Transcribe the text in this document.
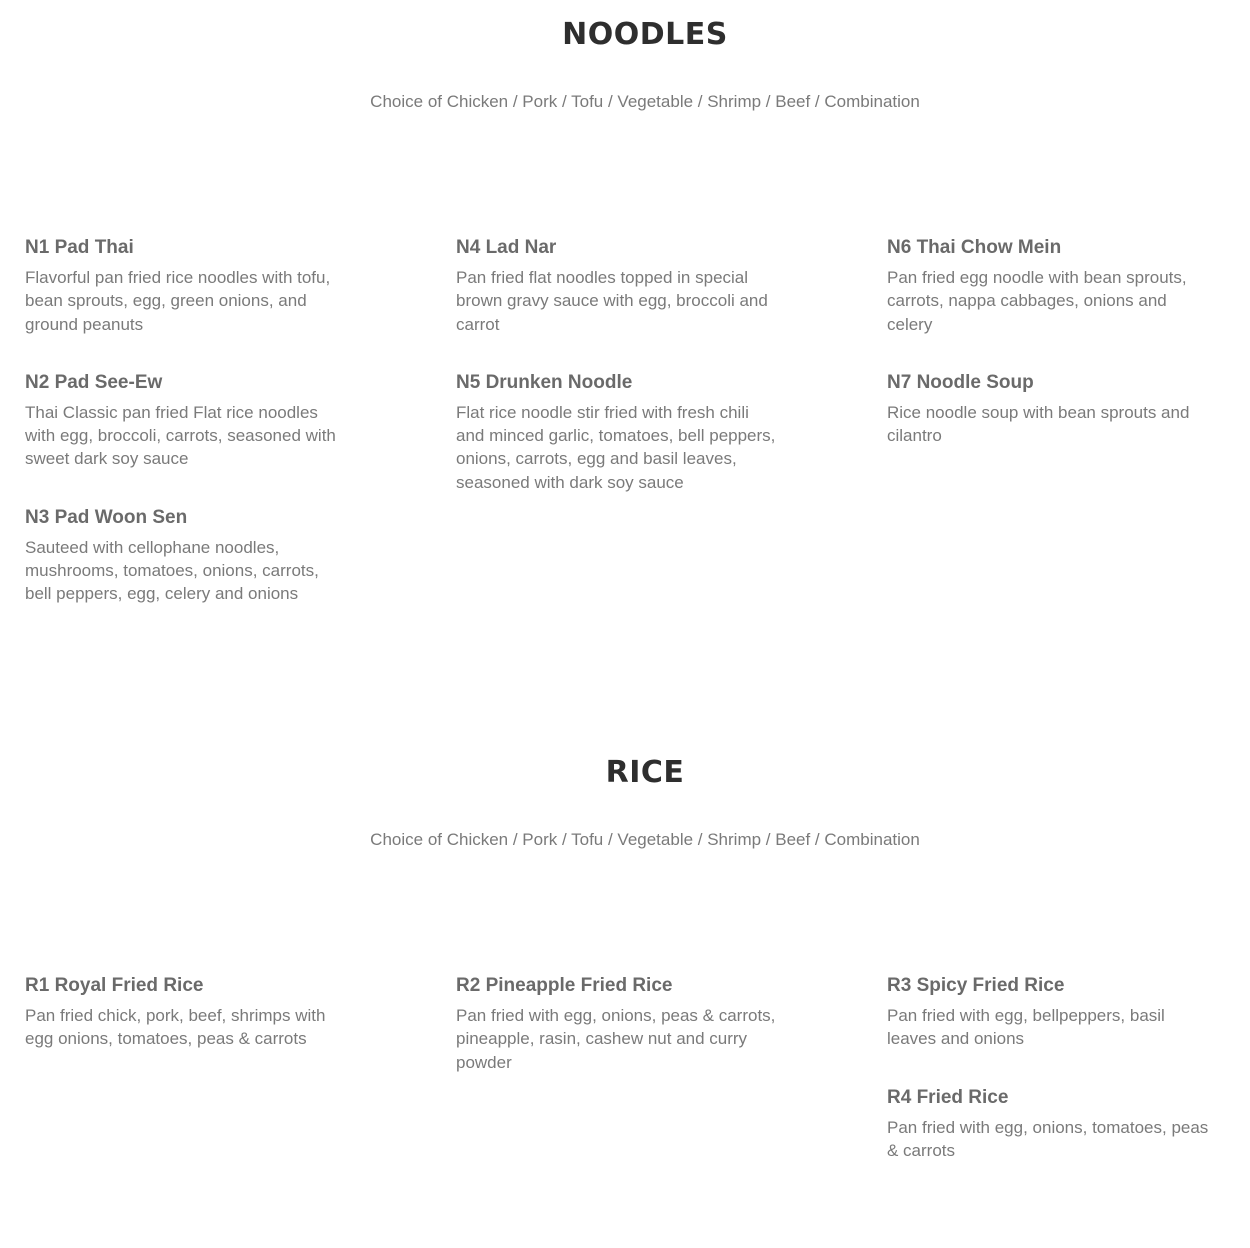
NOODLES

Choice of Chicken / Pork / Tofu / Vegetable / Shrimp / Beef / Combination

N1 Pad Thai

Flavorful pan fried rice noodles with tofu, bean sprouts, egg, green onions, and ground peanuts

N2 Pad See-Ew

Thai Classic pan fried Flat rice noodles with egg, broccoli, carrots, seasoned with sweet dark soy sauce

N3 Pad Woon Sen

Sauteed with cellophane noodles, mushrooms, tomatoes, onions, carrots, bell peppers, egg, celery and onions

N4 Lad Nar

Pan fried flat noodles topped in special brown gravy sauce with egg, broccoli and carrot

N5 Drunken Noodle

Flat rice noodle stir fried with fresh chili and minced garlic, tomatoes, bell peppers, onions, carrots, egg and basil leaves, seasoned with dark soy sauce

N6 Thai Chow Mein

Pan fried egg noodle with bean sprouts, carrots, nappa cabbages, onions and celery

N7 Noodle Soup

Rice noodle soup with bean sprouts and cilantro

RICE

Choice of Chicken / Pork / Tofu / Vegetable / Shrimp / Beef / Combination

R1 Royal Fried Rice

Pan fried chick, pork, beef, shrimps with egg onions, tomatoes, peas & carrots

R2 Pineapple Fried Rice

Pan fried with egg, onions, peas & carrots, pineapple, rasin, cashew nut and curry powder

R3 Spicy Fried Rice

Pan fried with egg, bellpeppers, basil leaves and onions

R4 Fried Rice

Pan fried with egg, onions, tomatoes, peas & carrots
